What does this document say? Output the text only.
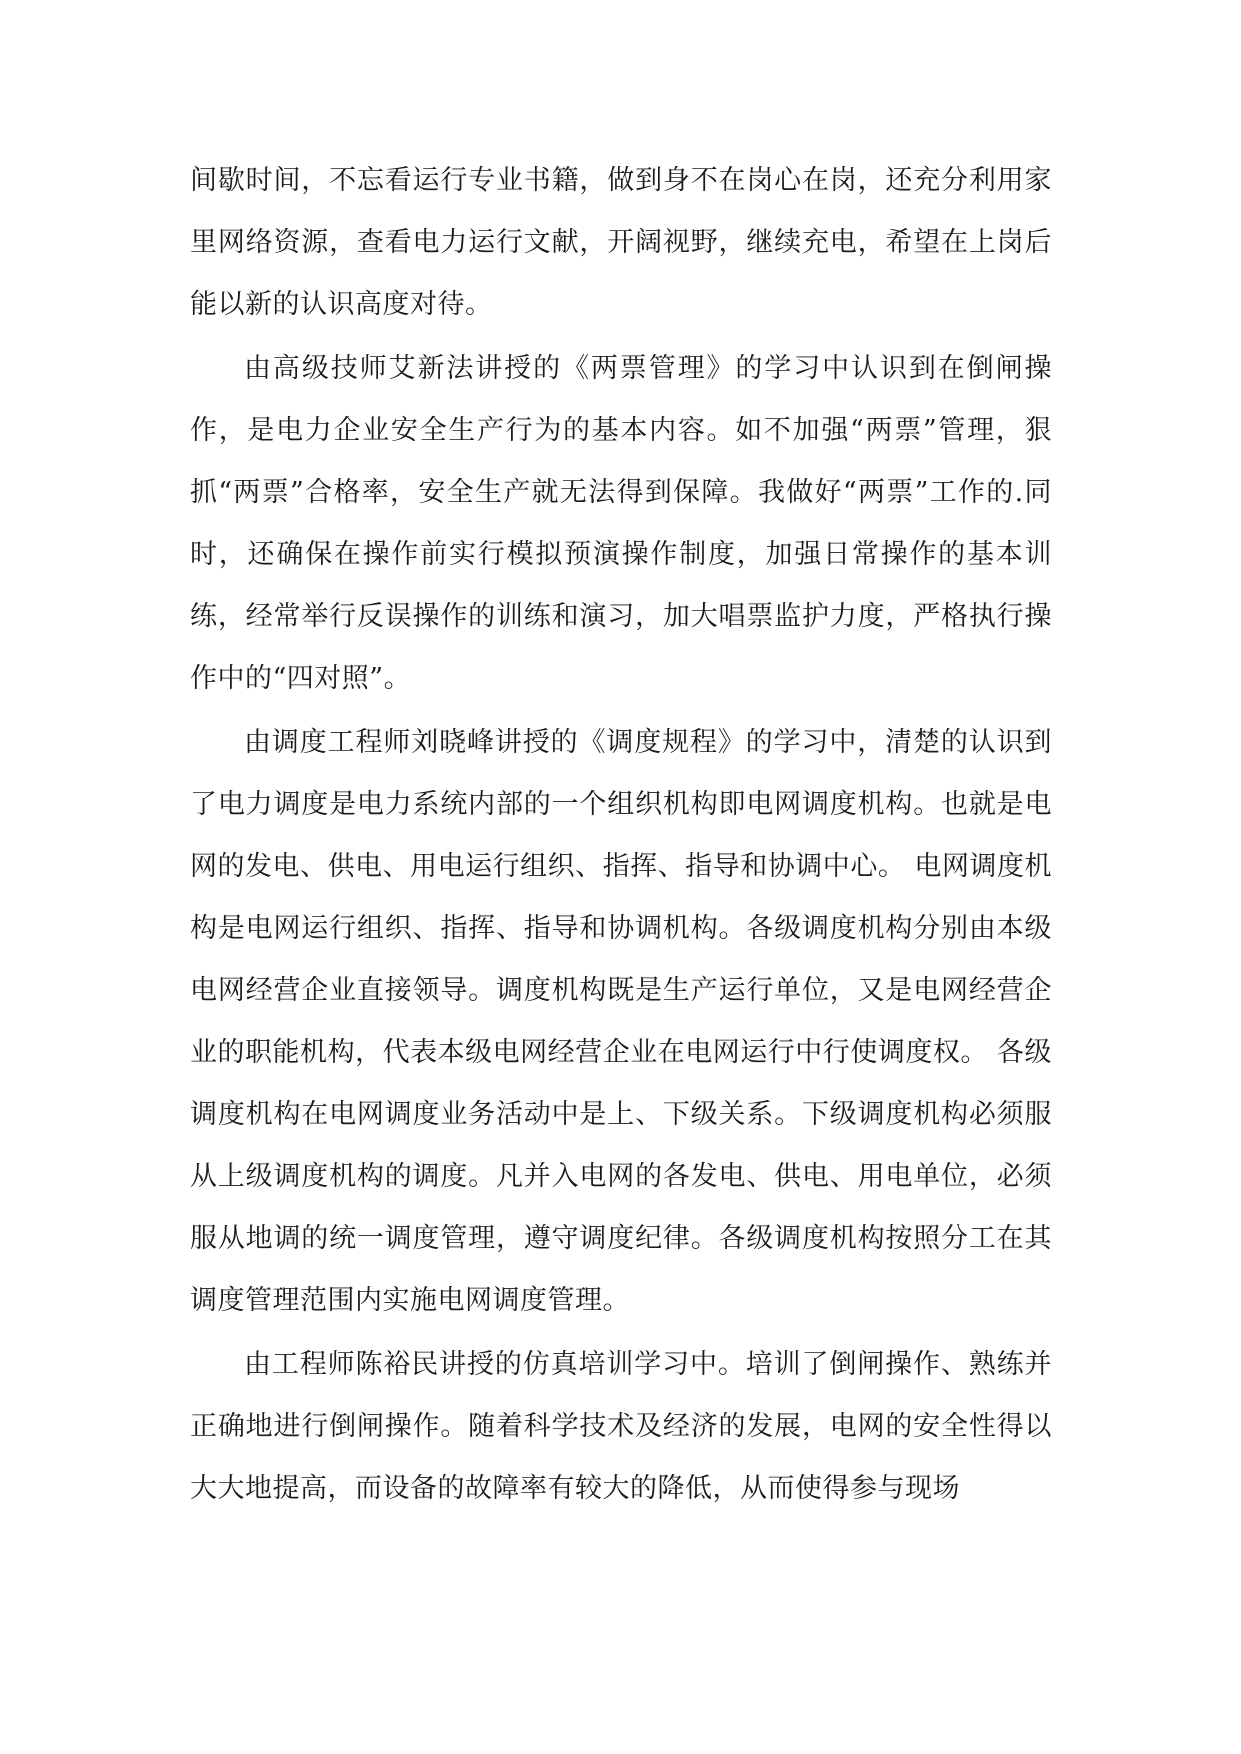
间歇时间，不忘看运行专业书籍，做到身不在岗心在岗，还充分利用家里网络资源，查看电力运行文献，开阔视野，继续充电，希望在上岗后能以新的认识高度对待。

由高级技师艾新法讲授的《两票管理》的学习中认识到在倒闸操作，是电力企业安全生产行为的基本内容。如不加强“两票”管理，狠抓“两票”合格率，安全生产就无法得到保障。我做好“两票”工作的.同时，还确保在操作前实行模拟预演操作制度，加强日常操作的基本训练，经常举行反误操作的训练和演习，加大唱票监护力度，严格执行操作中的“四对照”。

由调度工程师刘晓峰讲授的《调度规程》的学习中，清楚的认识到了电力调度是电力系统内部的一个组织机构即电网调度机构。也就是电网的发电、供电、用电运行组织、指挥、指导和协调中心。 电网调度机构是电网运行组织、指挥、指导和协调机构。各级调度机构分别由本级电网经营企业直接领导。调度机构既是生产运行单位，又是电网经营企业的职能机构，代表本级电网经营企业在电网运行中行使调度权。 各级调度机构在电网调度业务活动中是上、下级关系。下级调度机构必须服从上级调度机构的调度。凡并入电网的各发电、供电、用电单位，必须服从地调的统一调度管理，遵守调度纪律。各级调度机构按照分工在其调度管理范围内实施电网调度管理。

由工程师陈裕民讲授的仿真培训学习中。培训了倒闸操作、熟练并正确地进行倒闸操作。随着科学技术及经济的发展，电网的安全性得以大大地提高，而设备的故障率有较大的降低，从而使得参与现场
